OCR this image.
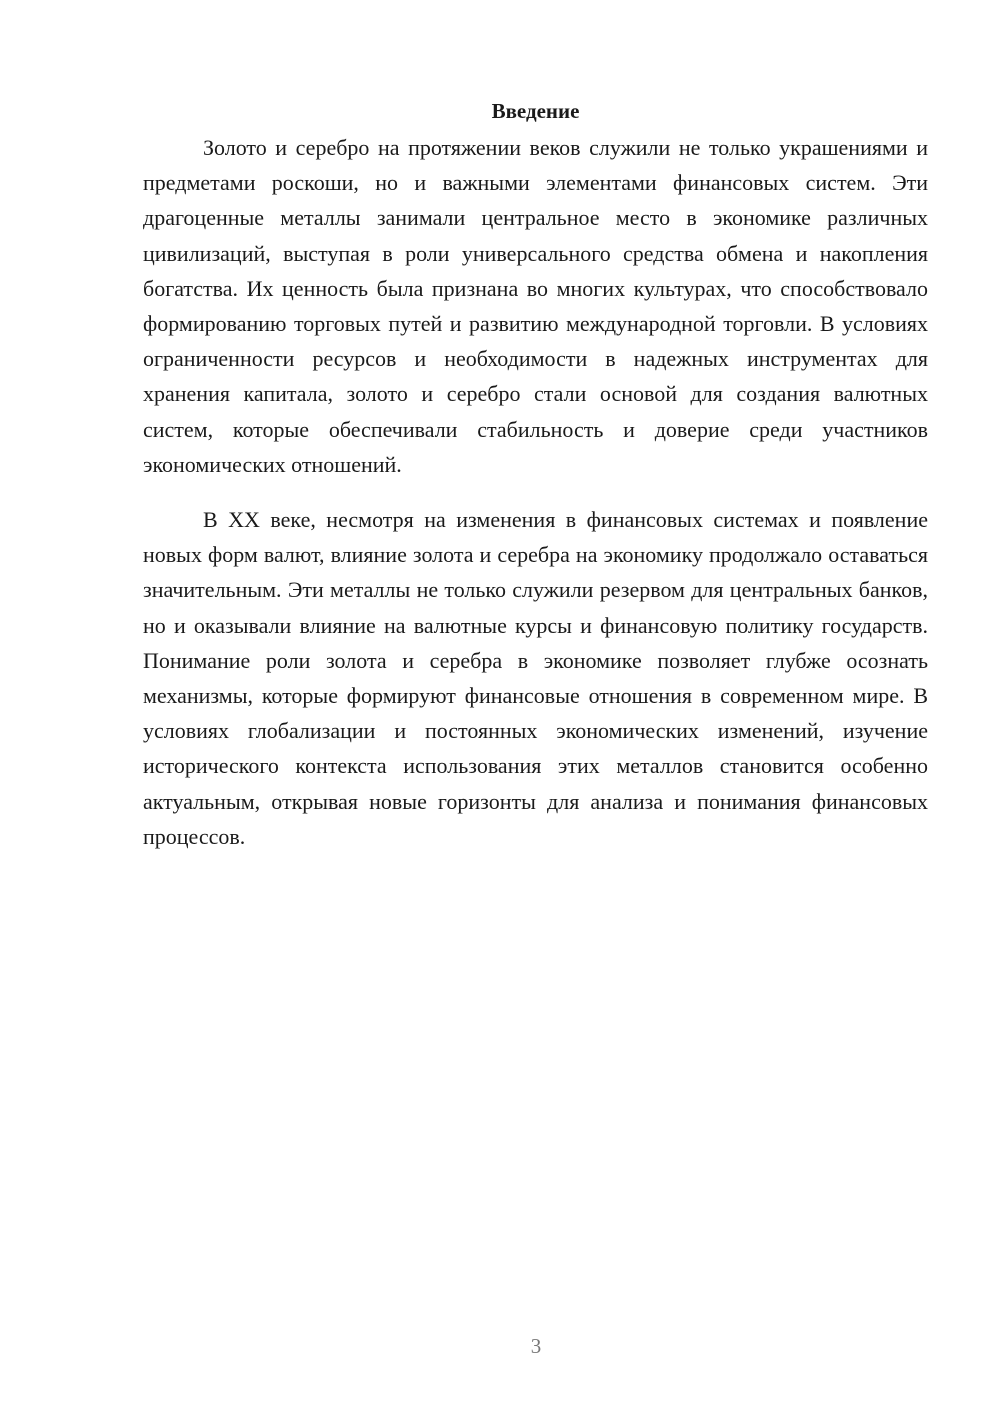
Введение

Золото и серебро на протяжении веков служили не только украшениями и предметами роскоши, но и важными элементами финансовых систем. Эти драгоценные металлы занимали центральное место в экономике различных цивилизаций, выступая в роли универсального средства обмена и накопления богатства. Их ценность была признана во многих культурах, что способствовало формированию торговых путей и развитию международной торговли. В условиях ограниченности ресурсов и необходимости в надежных инструментах для хранения капитала, золото и серебро стали основой для создания валютных систем, которые обеспечивали стабильность и доверие среди участников экономических отношений.

В XX веке, несмотря на изменения в финансовых системах и появление новых форм валют, влияние золота и серебра на экономику продолжало оставаться значительным. Эти металлы не только служили резервом для центральных банков, но и оказывали влияние на валютные курсы и финансовую политику государств. Понимание роли золота и серебра в экономике позволяет глубже осознать механизмы, которые формируют финансовые отношения в современном мире. В условиях глобализации и постоянных экономических изменений, изучение исторического контекста использования этих металлов становится особенно актуальным, открывая новые горизонты для анализа и понимания финансовых процессов.

3
